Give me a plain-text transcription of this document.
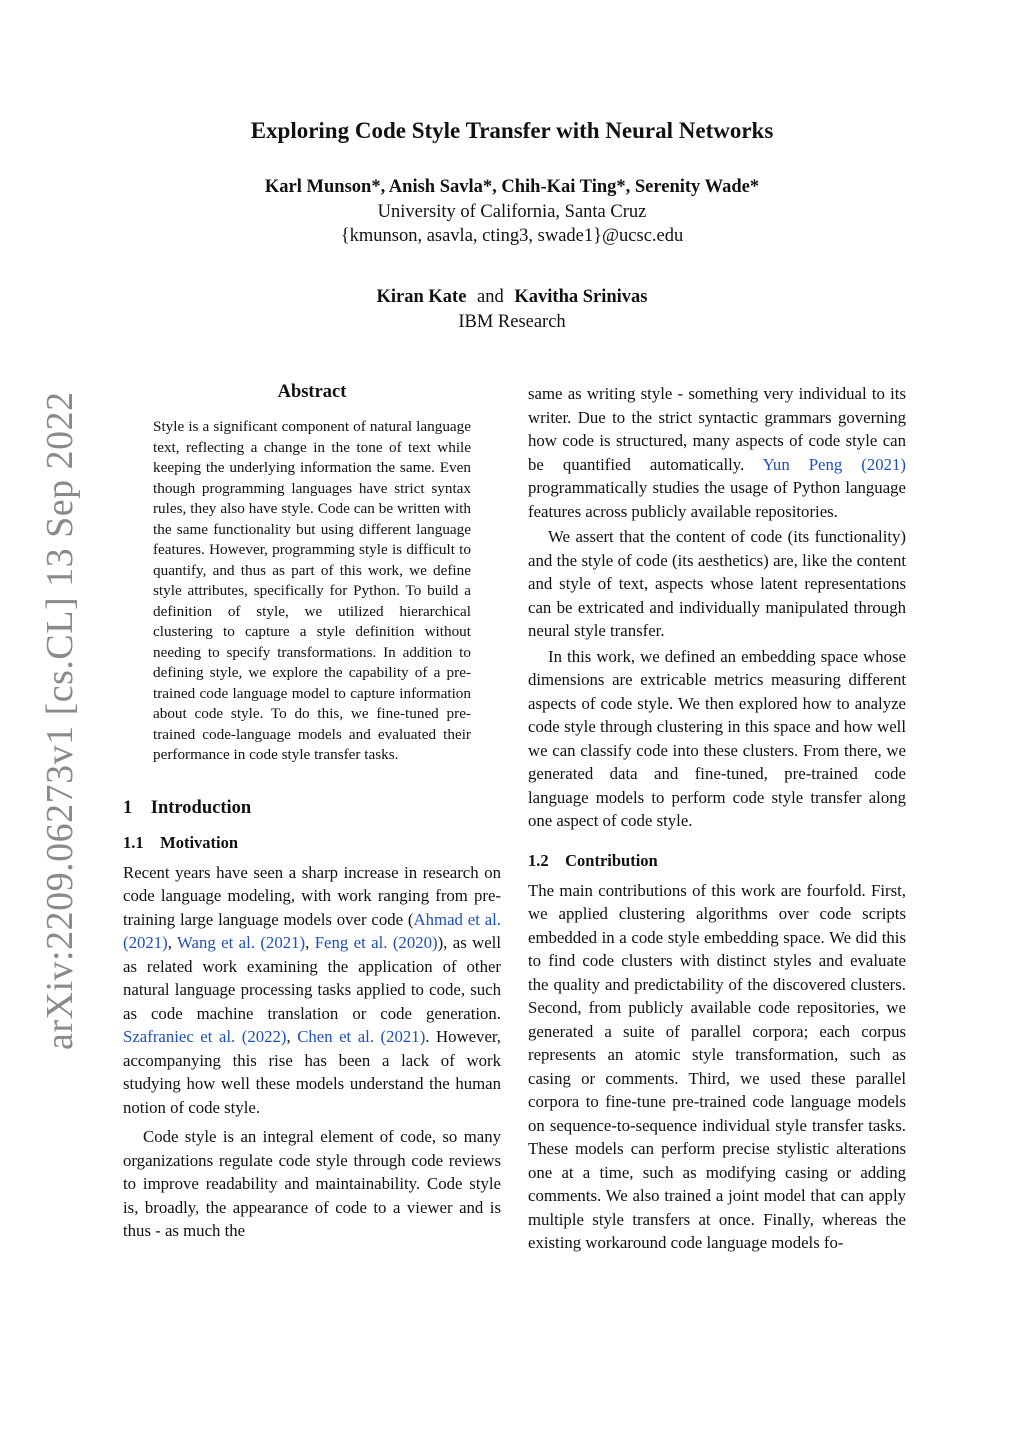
arXiv:2209.06273v1 [cs.CL] 13 Sep 2022
Exploring Code Style Transfer with Neural Networks
Karl Munson*, Anish Savla*, Chih-Kai Ting*, Serenity Wade*
University of California, Santa Cruz
{kmunson, asavla, cting3, swade1}@ucsc.edu
Kiran Kate and Kavitha Srinivas
IBM Research
Abstract

Style is a significant component of natural language text, reflecting a change in the tone of text while keeping the underlying information the same. Even though programming languages have strict syntax rules, they also have style. Code can be written with the same functionality but using different language features. However, programming style is difficult to quantify, and thus as part of this work, we define style attributes, specifically for Python. To build a definition of style, we utilized hierarchical clustering to capture a style definition without needing to specify transformations. In addition to defining style, we explore the capability of a pre-trained code language model to capture information about code style. To do this, we fine-tuned pre-trained code-language models and evaluated their performance in code style transfer tasks.

1    Introduction
1.1    Motivation

Recent years have seen a sharp increase in research on code language modeling, with work ranging from pre-training large language models over code (Ahmad et al. (2021), Wang et al. (2021), Feng et al. (2020)), as well as related work examining the application of other natural language processing tasks applied to code, such as code machine translation or code generation. Szafraniec et al. (2022), Chen et al. (2021). However, accompanying this rise has been a lack of work studying how well these models understand the human notion of code style.

Code style is an integral element of code, so many organizations regulate code style through code reviews to improve readability and maintainability. Code style is, broadly, the appearance of code to a viewer and is thus - as much the

same as writing style - something very individual to its writer. Due to the strict syntactic grammars governing how code is structured, many aspects of code style can be quantified automatically. Yun Peng (2021) programmatically studies the usage of Python language features across publicly available repositories.

We assert that the content of code (its functionality) and the style of code (its aesthetics) are, like the content and style of text, aspects whose latent representations can be extricated and individually manipulated through neural style transfer.

In this work, we defined an embedding space whose dimensions are extricable metrics measuring different aspects of code style. We then explored how to analyze code style through clustering in this space and how well we can classify code into these clusters. From there, we generated data and fine-tuned, pre-trained code language models to perform code style transfer along one aspect of code style.

1.2    Contribution

The main contributions of this work are fourfold. First, we applied clustering algorithms over code scripts embedded in a code style embedding space. We did this to find code clusters with distinct styles and evaluate the quality and predictability of the discovered clusters. Second, from publicly available code repositories, we generated a suite of parallel corpora; each corpus represents an atomic style transformation, such as casing or comments. Third, we used these parallel corpora to fine-tune pre-trained code language models on sequence-to-sequence individual style transfer tasks. These models can perform precise stylistic alterations one at a time, such as modifying casing or adding comments. We also trained a joint model that can apply multiple style transfers at once. Finally, whereas the existing workaround code language models fo-
